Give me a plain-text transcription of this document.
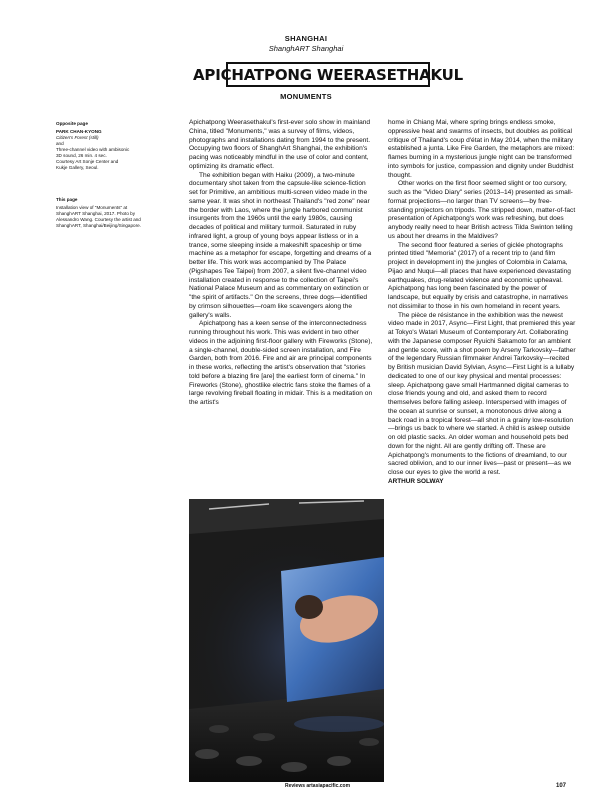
SHANGHAI
ShanghART Shanghai
APICHATPONG WEERASETHAKUL
MONUMENTS
Opposite page
PARK CHAN-KYONG
Citizen's Forest (still)
and
Three-channel video with ambisonic
3D sound, 26 min. 4 sec.
Courtesy Art Sonje Center and
Kukje Gallery, Seoul.
This page
Installation view of "Monuments" at
ShanghART Shanghai, 2017. Photo by
Alessandro Wang. Courtesy the artist and
ShanghART, Shanghai/Beijing/Singapore.

Apichatpong Weerasethakul's first-ever solo show in mainland China, titled "Monuments," was a survey of films, videos, photographs and installations dating from 1994 to the present. Occupying two floors of ShanghArt Shanghai, the exhibition's pacing was noticeably mindful in the use of color and content, optimizing its dramatic effect.

The exhibition began with Haiku (2009), a two-minute documentary shot taken from the capsule-like science-fiction set for Primitive, an ambitious multi-screen video made in the same year. It was shot in northeast Thailand's "red zone" near the border with Laos, where the jungle harbored communist insurgents from the 1960s until the early 1980s, causing decades of political and military turmoil. Saturated in ruby infrared light, a group of young boys appear listless or in a trance, some sleeping inside a makeshift spaceship or time machine as a metaphor for escape, forgetting and dreams of a better life. This work was accompanied by The Palace (Pigshapes Tee Taipei) from 2007, a silent five-channel video installation created in response to the collection of Taipei's National Palace Museum and as commentary on extinction or "the spirit of artifacts." On the screens, three dogs—identified by crimson silhouettes—roam like scavengers along the gallery's walls.

Apichatpong has a keen sense of the interconnectedness running throughout his work. This was evident in two other videos in the adjoining first-floor gallery with Fireworks (Stone), a single-channel, double-sided screen installation, and Fire Garden, both from 2016. Fire and air are principal components in these works, reflecting the artist's observation that "stories told before a blazing fire [are] the earliest form of cinema." In Fireworks (Stone), ghostlike electric fans stoke the flames of a large revolving fireball floating in midair. This is a meditation on the artist's

home in Chiang Mai, where spring brings endless smoke, oppressive heat and swarms of insects, but doubles as political critique of Thailand's coup d'état in May 2014, when the military established a junta. Like Fire Garden, the metaphors are mixed: flames burning in a mysterious jungle night can be transformed into symbols for justice, compassion and dignity under Buddhist thought.

Other works on the first floor seemed slight or too cursory, such as the "Video Diary" series (2013–14) presented as small-format projections—no larger than TV screens—by free-standing projectors on tripods. The stripped down, matter-of-fact presentation of Apichatpong's work was refreshing, but does anybody really need to hear British actress Tilda Swinton telling us about her dreams in the Maldives?

The second floor featured a series of giclée photographs printed titled "Memoria" (2017) of a recent trip to (and film project in development in) the jungles of Colombia in Calama, Pijao and Nuqui—all places that have experienced devastating earthquakes, drug-related violence and economic upheaval. Apichatpong has long been fascinated by the power of landscape, but equally by crisis and catastrophe, in narratives not dissimilar to those in his own homeland in recent years.

The pièce de résistance in the exhibition was the newest video made in 2017, Async—First Light, that premiered this year at Tokyo's Watari Museum of Contemporary Art. Collaborating with the Japanese composer Ryuichi Sakamoto for an ambient and gentle score, with a shot poem by Arseny Tarkovsky—father of the legendary Russian filmmaker Andrei Tarkovsky—recited by British musician David Sylvian, Async—First Light is a lullaby dedicated to one of our key physical and mental processes: sleep. Apichatpong gave small Hartmanned digital cameras to close friends young and old, and asked them to record themselves before falling asleep. Interspersed with images of the ocean at sunrise or sunset, a monotonous drive along a back road in a tropical forest—all shot in a grainy low-resolution—brings us back to where we started. A child is asleep outside on old plastic sacks. An older woman and household pets bed down for the night. All are gently drifting off. These are Apichatpong's monuments to the fictions of dreamland, to our sacred oblivion, and to our inner lives—past or present—as we close our eyes to give the world a rest.

ARTHUR SOLWAY

Reviews artasiapacific.com	107
